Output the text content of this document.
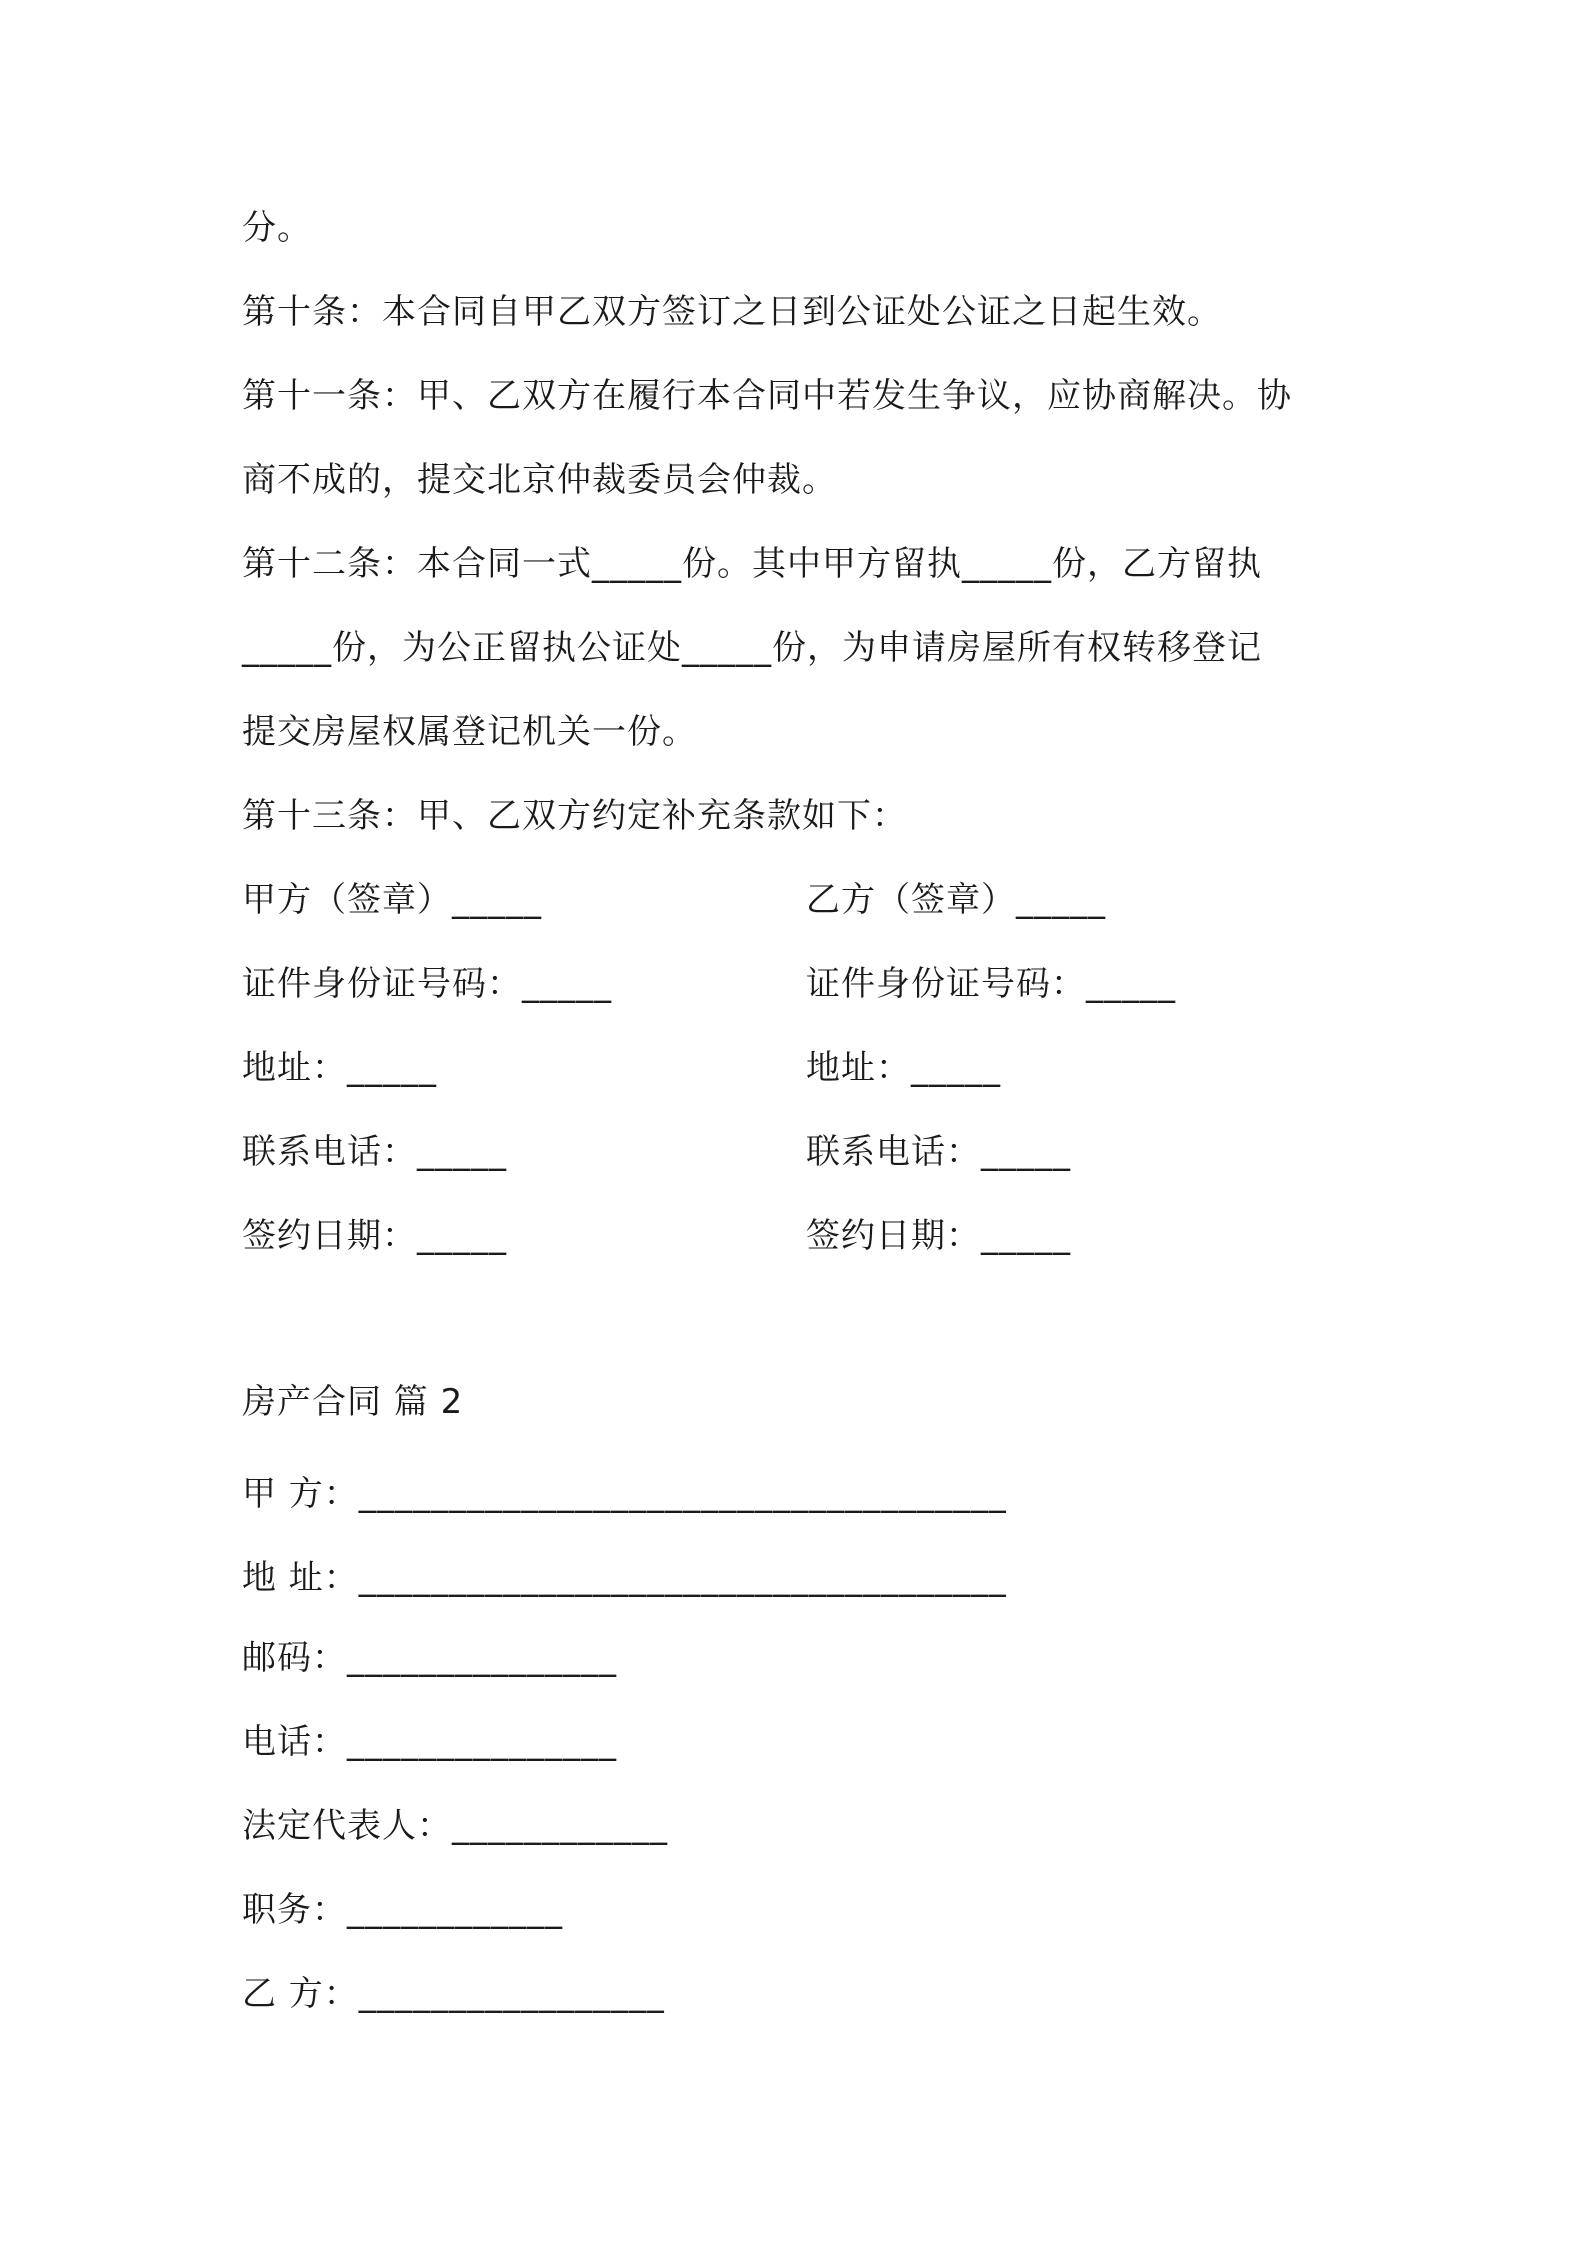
分。
第十条：本合同自甲乙双方签订之日到公证处公证之日起生效。
第十一条：甲、乙双方在履行本合同中若发生争议，应协商解决。协
商不成的，提交北京仲裁委员会仲裁。
第十二条：本合同一式_____份。其中甲方留执_____份，乙方留执
_____份，为公正留执公证处_____份，为申请房屋所有权转移登记
提交房屋权属登记机关一份。
第十三条：甲、乙双方约定补充条款如下：
甲方（签章）_____
证件身份证号码：_____
地址：_____
联系电话：_____
签约日期：_____
乙方（签章）_____
证件身份证号码：_____
地址：_____
联系电话：_____
签约日期：_____
房产合同 篇 2
甲 方：____________________________________
地 址：____________________________________
邮码：_______________
电话：_______________
法定代表人：____________
职务：____________
乙 方：_________________
